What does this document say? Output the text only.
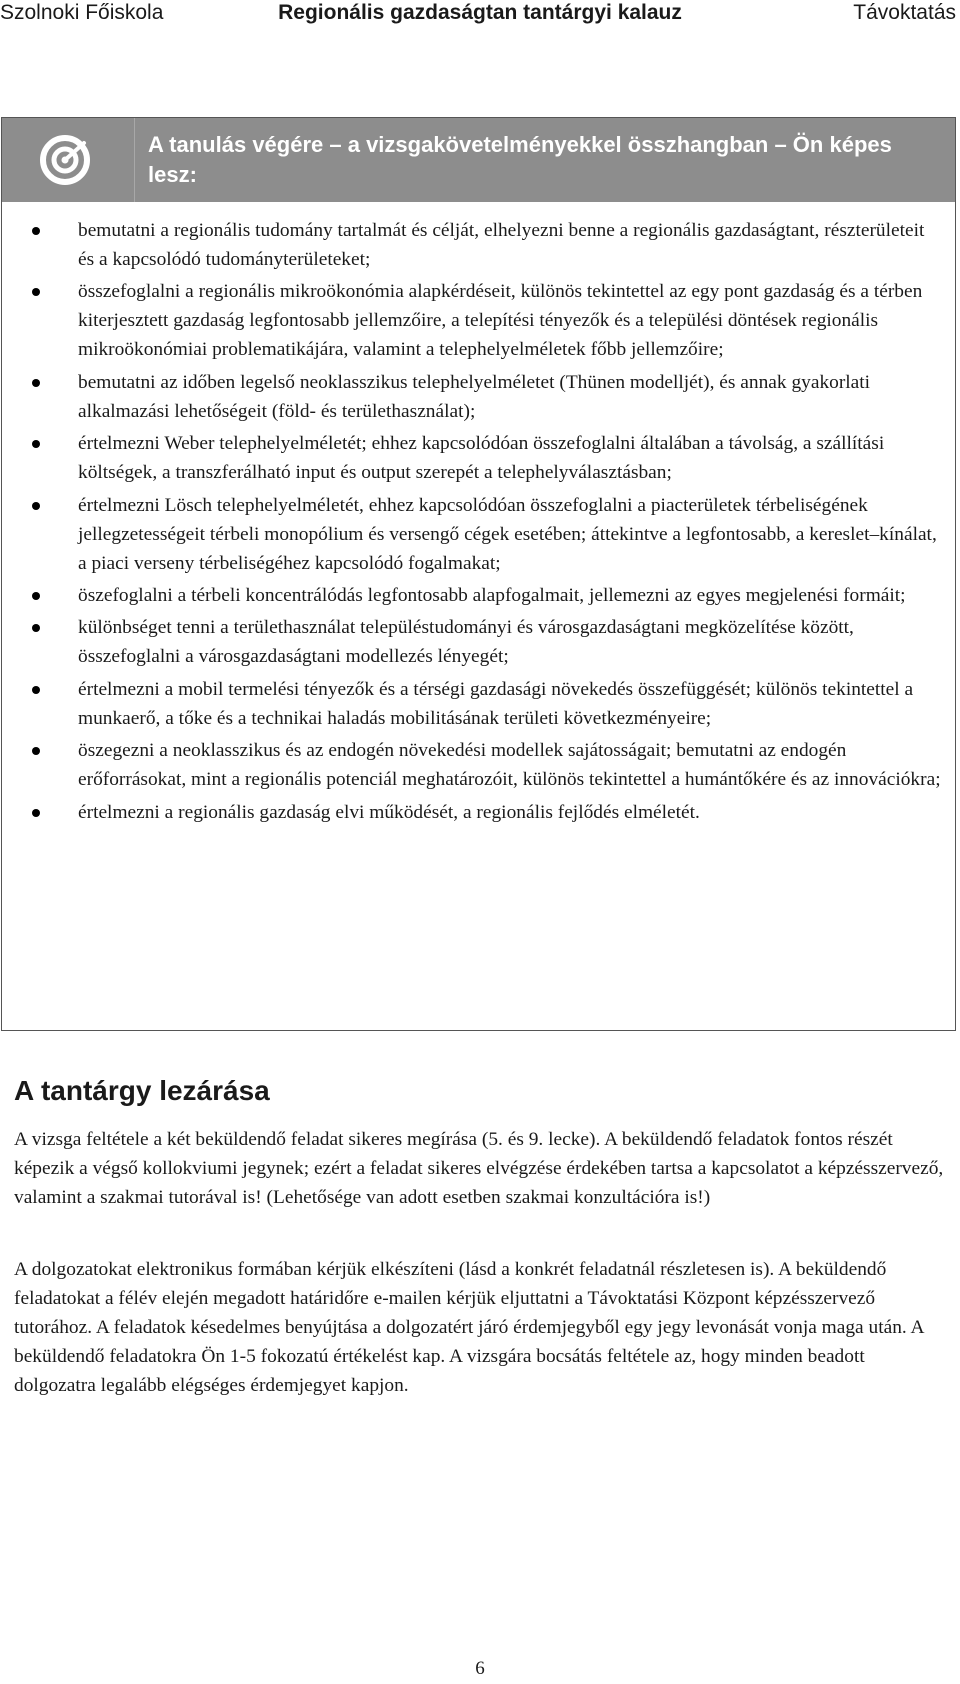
Szolnoki Főiskola	Regionális gazdaságtan tantárgyi kalauz	Távoktatás
A tanulás végére – a vizsgakövetelményekkel összhangban – Ön képes lesz:
bemutatni a regionális tudomány tartalmát és célját, elhelyezni benne a regionális gazdaságtant, részterületeit és a kapcsolódó tudományterületeket;
összefoglalni a regionális mikroökonómia alapkérdéseit, különös tekintettel az egy pont gazdaság és a térben kiterjesztett gazdaság legfontosabb jellemzőire, a telepítési tényezők és a települési döntések regionális mikroökonómiai problematikájára, valamint a telephelyelméletek főbb jellemzőire;
bemutatni az időben legelső neoklasszikus telephelyelméletet (Thünen modelljét), és annak gyakorlati alkalmazási lehetőségeit (föld- és területhasználat);
értelmezni Weber telephelyelméletét; ehhez kapcsolódóan összefoglalni általában a távolság, a szállítási költségek, a transzferálható input és output szerepét a telephelyválasztásban;
értelmezni Lösch telephelyelméletét, ehhez kapcsolódóan összefoglalni a piacterületek térbeliségének jellegzetességeit térbeli monopólium és versengő cégek esetében; áttekintve a legfontosabb, a kereslet–kínálat, a piaci verseny térbeliségéhez kapcsolódó fogalmakat;
öszefoglalni a térbeli koncentrálódás legfontosabb alapfogalmait, jellemezni az egyes megjelenési formáit;
különbséget tenni a területhasználat településtudományi és városgazdaságtani megközelítése között, összefoglalni a városgazdaságtani modellezés lényegét;
értelmezni a mobil termelési tényezők és a térségi gazdasági növekedés összefüggését; különös tekintettel a munkaerő, a tőke és a technikai haladás mobilitásának területi következményeire;
öszegezni a neoklasszikus és az endogén növekedési modellek sajátosságait; bemutatni az endogén erőforrásokat, mint a regionális potenciál meghatározóit, különös tekintettel a humántőkére és az innovációkra;
értelmezni a regionális gazdaság elvi működését, a regionális fejlődés elméletét.
A tantárgy lezárása

A vizsga feltétele a két beküldendő feladat sikeres megírása (5. és 9. lecke). A beküldendő feladatok fontos részét képezik a végső kollokviumi jegynek; ezért a feladat sikeres elvégzése érdekében tartsa a kapcsolatot a képzésszervező, valamint a szakmai tutorával is! (Lehetősége van adott esetben szakmai konzultációra is!)

A dolgozatokat elektronikus formában kérjük elkészíteni (lásd a konkrét feladatnál részletesen is). A beküldendő feladatokat a félév elején megadott határidőre e-mailen kérjük eljuttatni a Távoktatási Központ képzésszervező tutorához. A feladatok késedelmes benyújtása a dolgozatért járó érdemjegyből egy jegy levonását vonja maga után. A beküldendő feladatokra Ön 1-5 fokozatú értékelést kap. A vizsgára bocsátás feltétele az, hogy minden beadott dolgozatra legalább elégséges érdemjegyet kapjon.

6
